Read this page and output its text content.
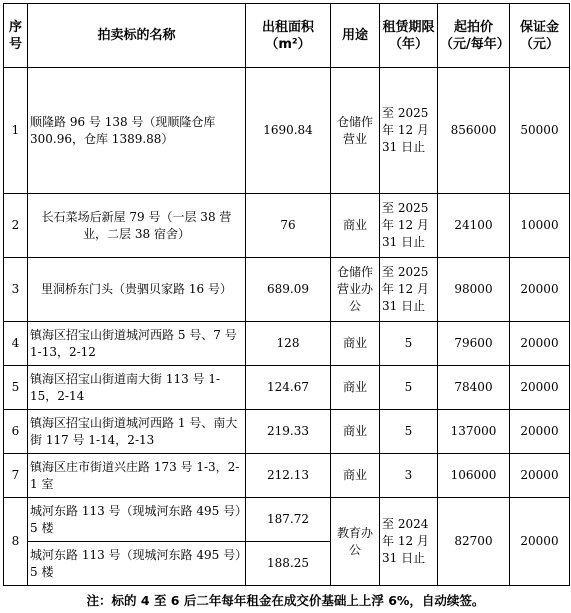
序号	拍卖标的名称	出租面积（m²）	用途	租赁期限（年）	起拍价（元/每年）	保证金（元）
1	顺隆路 96 号 138 号（现顺隆仓库 300.96，仓库 1389.88）	1690.84	仓储作营业	至 2025 年 12 月 31 日止	856000	50000
2	长石菜场后新屋 79 号（一层 38 营业，二层 38 宿舍）	76	商业	至 2025 年 12 月 31 日止	24100	10000
3	里洞桥东门头（贵驷贝家路 16 号）	689.09	仓储作营业办公	至 2025 年 12 月 31 日止	98000	20000
4	镇海区招宝山街道城河西路 5 号、7 号 1-13，2-12	128	商业	5	79600	20000
5	镇海区招宝山街道南大街 113 号 1-15，2-14	124.67	商业	5	78400	20000
6	镇海区招宝山街道城河西路 1 号、南大街 117 号 1-14，2-13	219.33	商业	5	137000	20000
7	镇海区庄市街道兴庄路 173 号 1-3，2-1 室	212.13	商业	3	106000	20000
8	城河东路 113 号（现城河东路 495 号）5 楼	187.72	教育办公	至 2024 年 12 月 31 日止	82700	20000
	城河东路 113 号（现城河东路 495 号）5 楼	188.25				
注：标的 4 至 6 后二年每年租金在成交价基础上上浮 6%，自动续签。
